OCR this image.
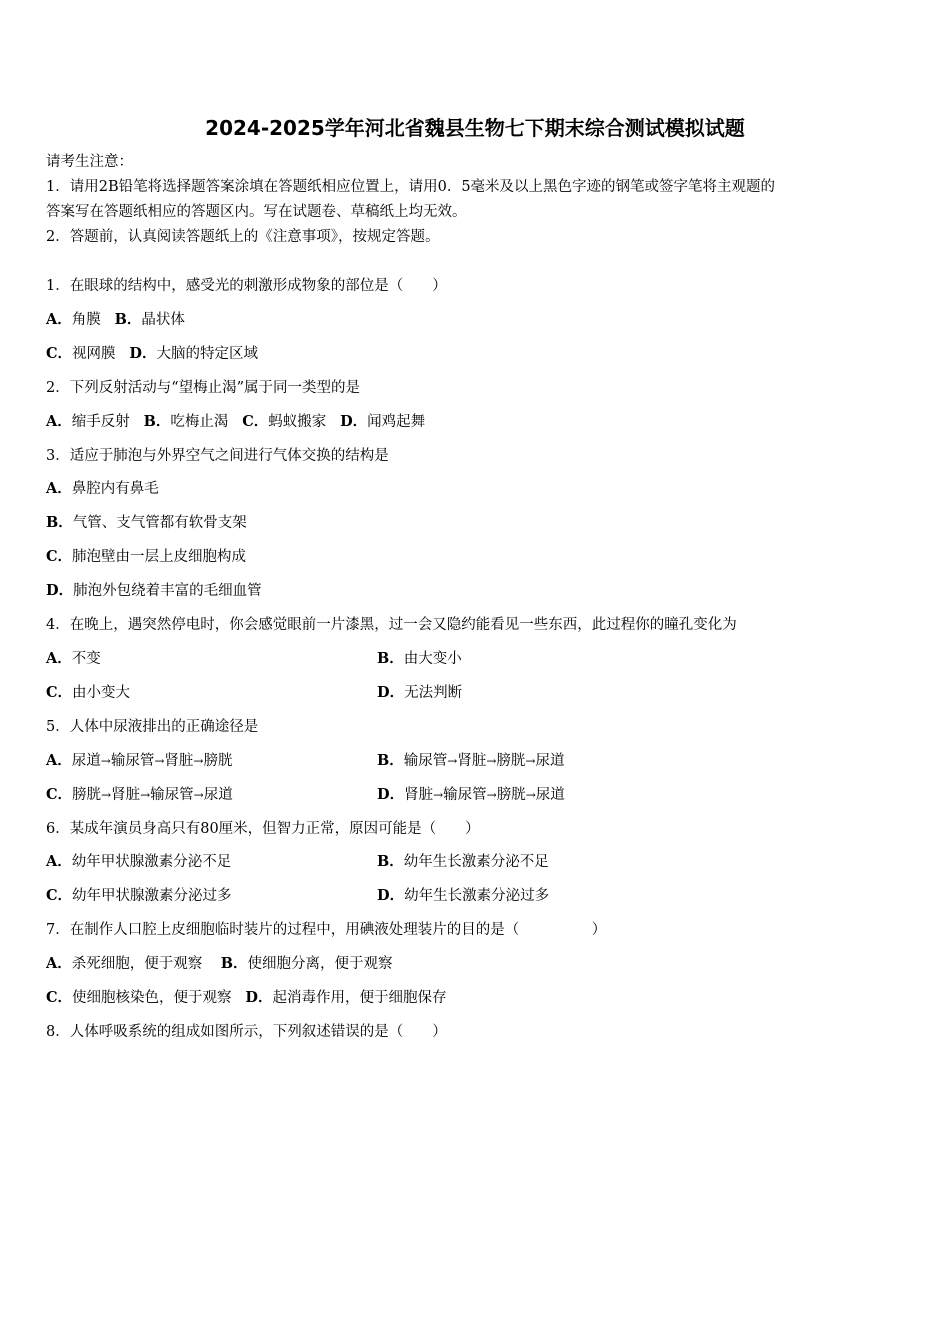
2024-2025学年河北省魏县生物七下期末综合测试模拟试题
请考生注意：
1．请用2B铅笔将选择题答案涂填在答题纸相应位置上，请用0．5毫米及以上黑色字迹的钢笔或签字笔将主观题的
答案写在答题纸相应的答题区内。写在试题卷、草稿纸上均无效。
2．答题前，认真阅读答题纸上的《注意事项》，按规定答题。
1．在眼球的结构中，感受光的刺激形成物象的部位是（　　）
A．角膜 B．晶状体
C．视网膜 D．大脑的特定区域
2．下列反射活动与“望梅止渴”属于同一类型的是
A．缩手反射 B．吃梅止渴 C．蚂蚁搬家 D．闻鸡起舞
3．适应于肺泡与外界空气之间进行气体交换的结构是
A．鼻腔内有鼻毛
B．气管、支气管都有软骨支架
C．肺泡壁由一层上皮细胞构成
D．肺泡外包绕着丰富的毛细血管
4．在晚上，遇突然停电时，你会感觉眼前一片漆黑，过一会又隐约能看见一些东西，此过程你的瞳孔变化为
A．不变	B．由大变小
C．由小变大	D．无法判断
5．人体中尿液排出的正确途径是
A．尿道→输尿管→肾脏→膀胱	B．输尿管→肾脏→膀胱→尿道
C．膀胱→肾脏→输尿管→尿道	D．肾脏→输尿管→膀胱→尿道
6．某成年演员身高只有80厘米，但智力正常，原因可能是（　　）
A．幼年甲状腺激素分泌不足	B．幼年生长激素分泌不足
C．幼年甲状腺激素分泌过多	D．幼年生长激素分泌过多
7．在制作人口腔上皮细胞临时装片的过程中，用碘液处理装片的目的是（　　　　　）
A．杀死细胞，便于观察 B．使细胞分离，便于观察
C．使细胞核染色，便于观察 D．起消毒作用，便于细胞保存
8．人体呼吸系统的组成如图所示，下列叙述错误的是（　　）
